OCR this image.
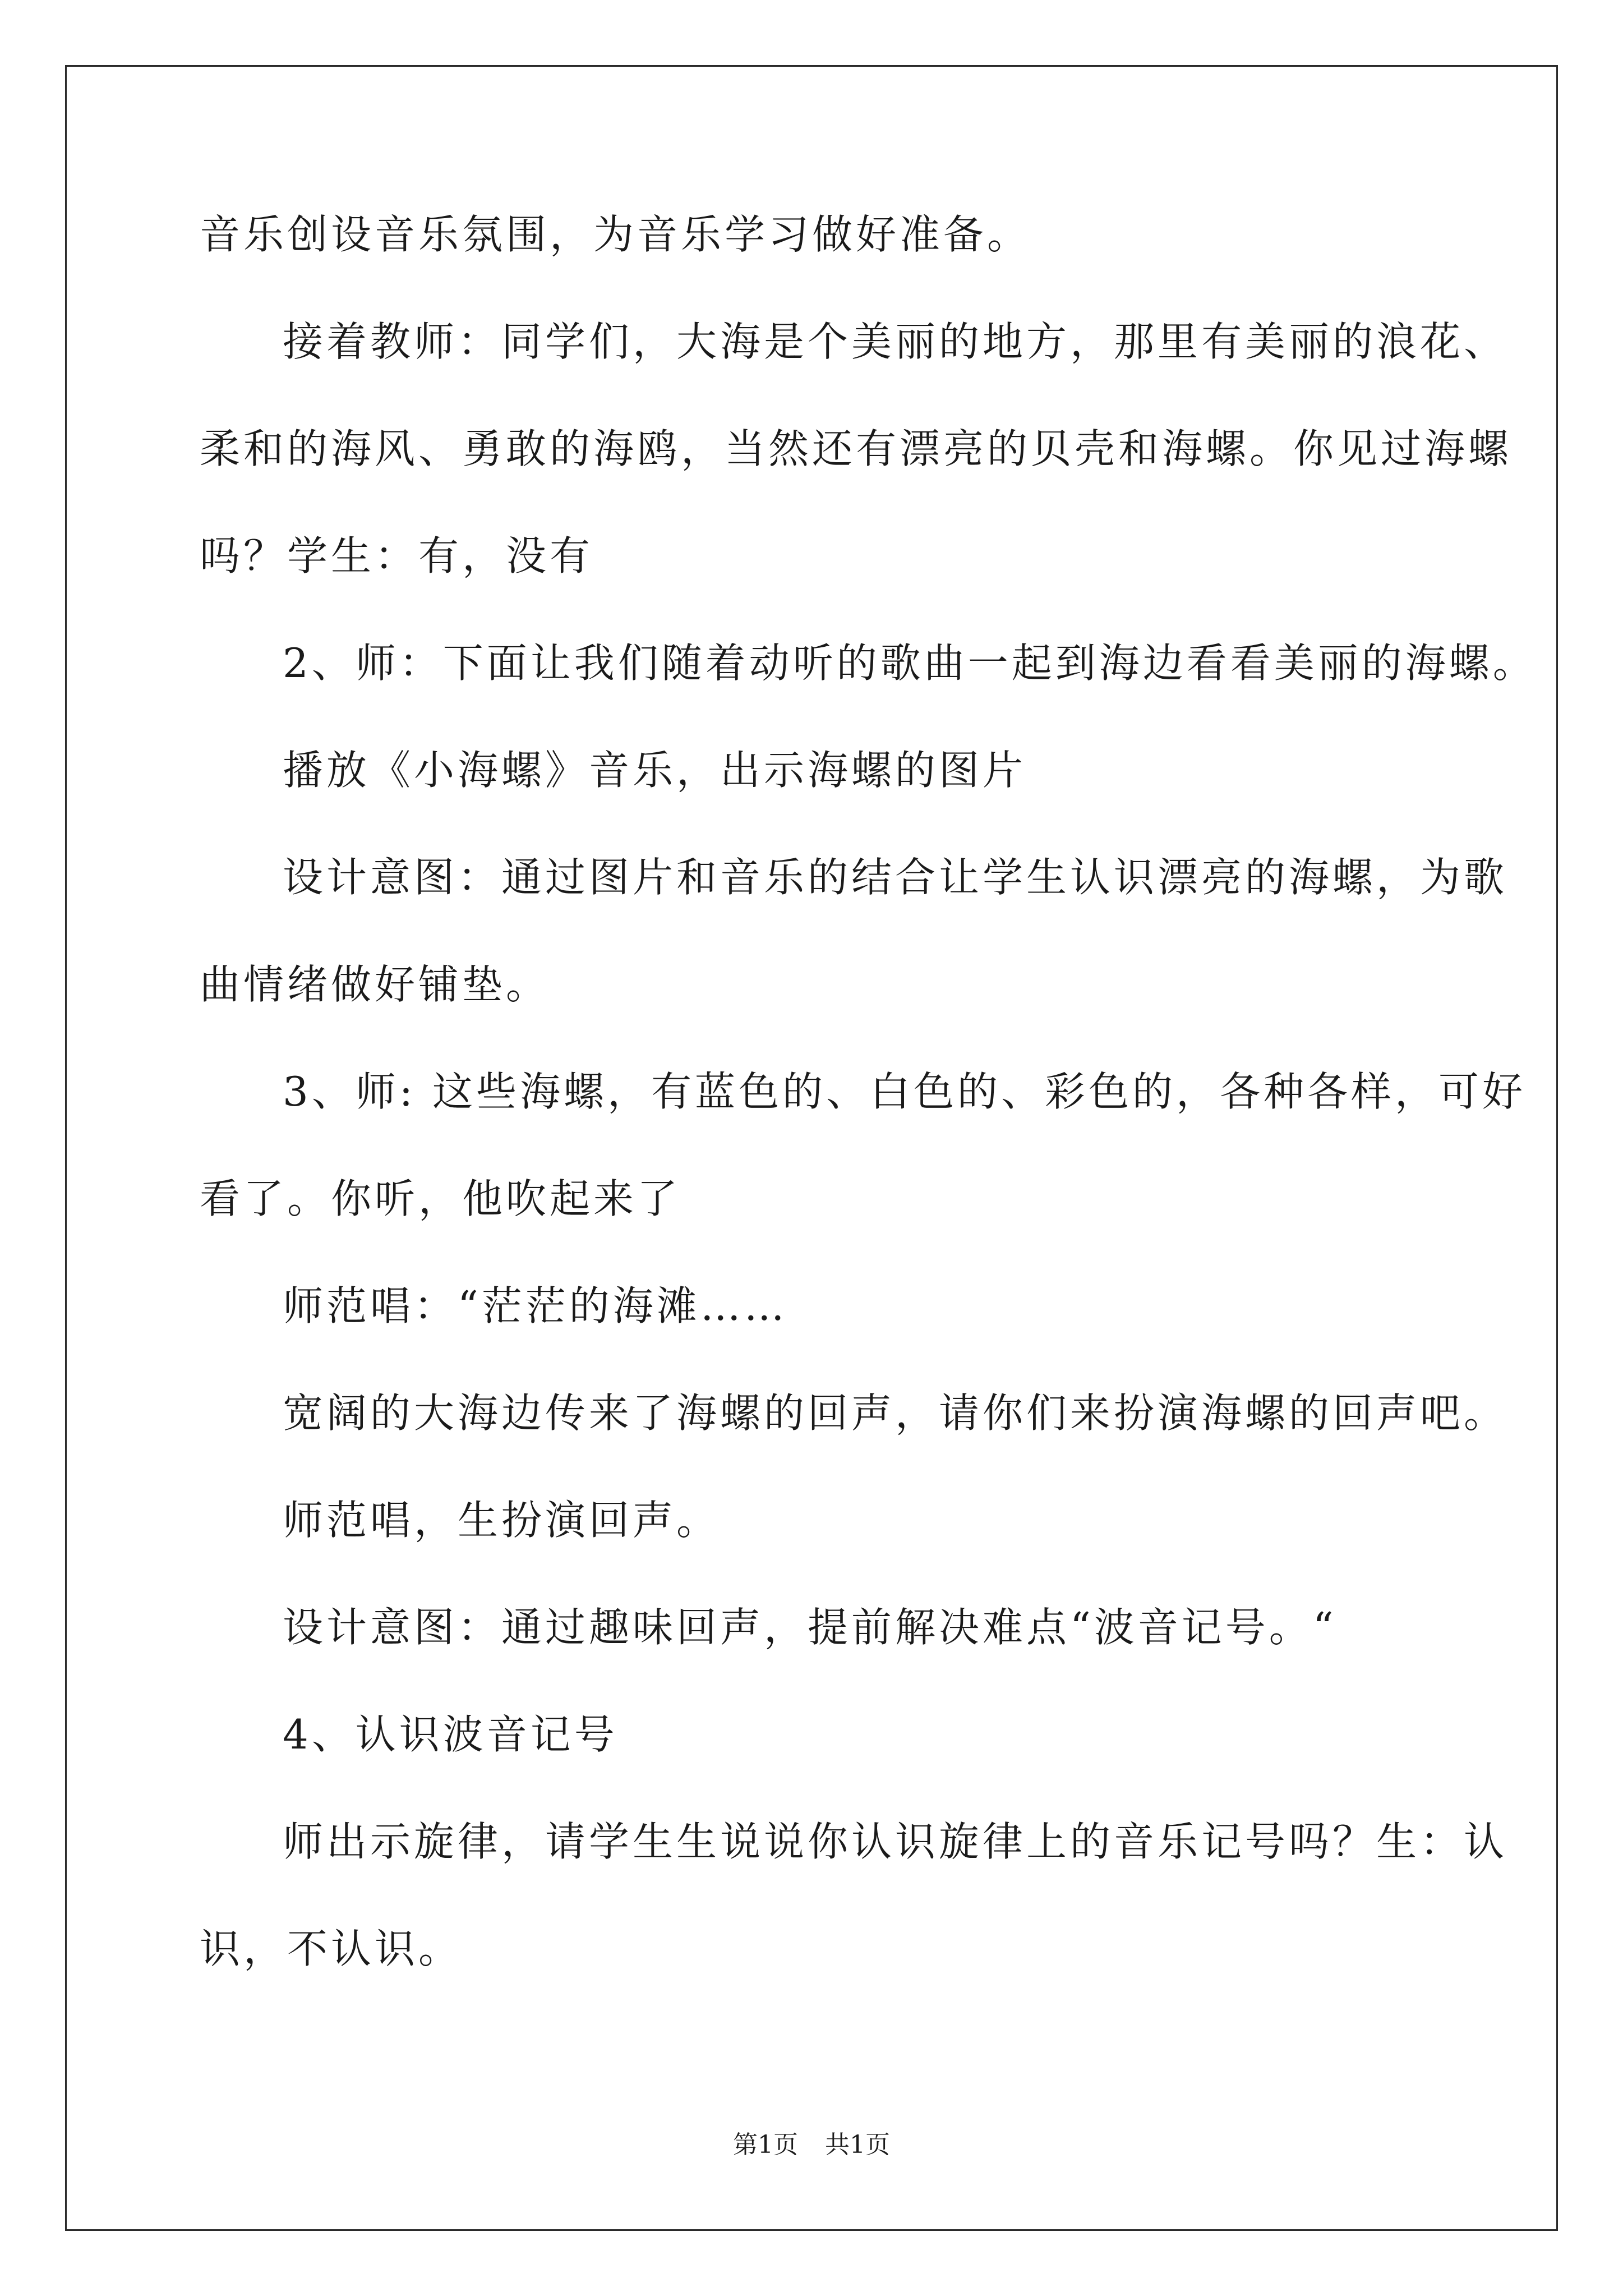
音乐创设音乐氛围，为音乐学习做好准备。
接着教师：同学们，大海是个美丽的地方，那里有美丽的浪花、
柔和的海风、勇敢的海鸥，当然还有漂亮的贝壳和海螺。你见过海螺
吗？学生：有，没有
2、师：下面让我们随着动听的歌曲一起到海边看看美丽的海螺。
播放《小海螺》音乐，出示海螺的图片
设计意图：通过图片和音乐的结合让学生认识漂亮的海螺，为歌
曲情绪做好铺垫。
3、师: 这些海螺，有蓝色的、白色的、彩色的，各种各样，可好
看了。你听，他吹起来了
师范唱：“茫茫的海滩……
宽阔的大海边传来了海螺的回声，请你们来扮演海螺的回声吧。
师范唱，生扮演回声。
设计意图：通过趣味回声，提前解决难点“波音记号。“
4、认识波音记号
师出示旋律，请学生生说说你认识旋律上的音乐记号吗？生：认
识，不认识。
第1页 共1页
